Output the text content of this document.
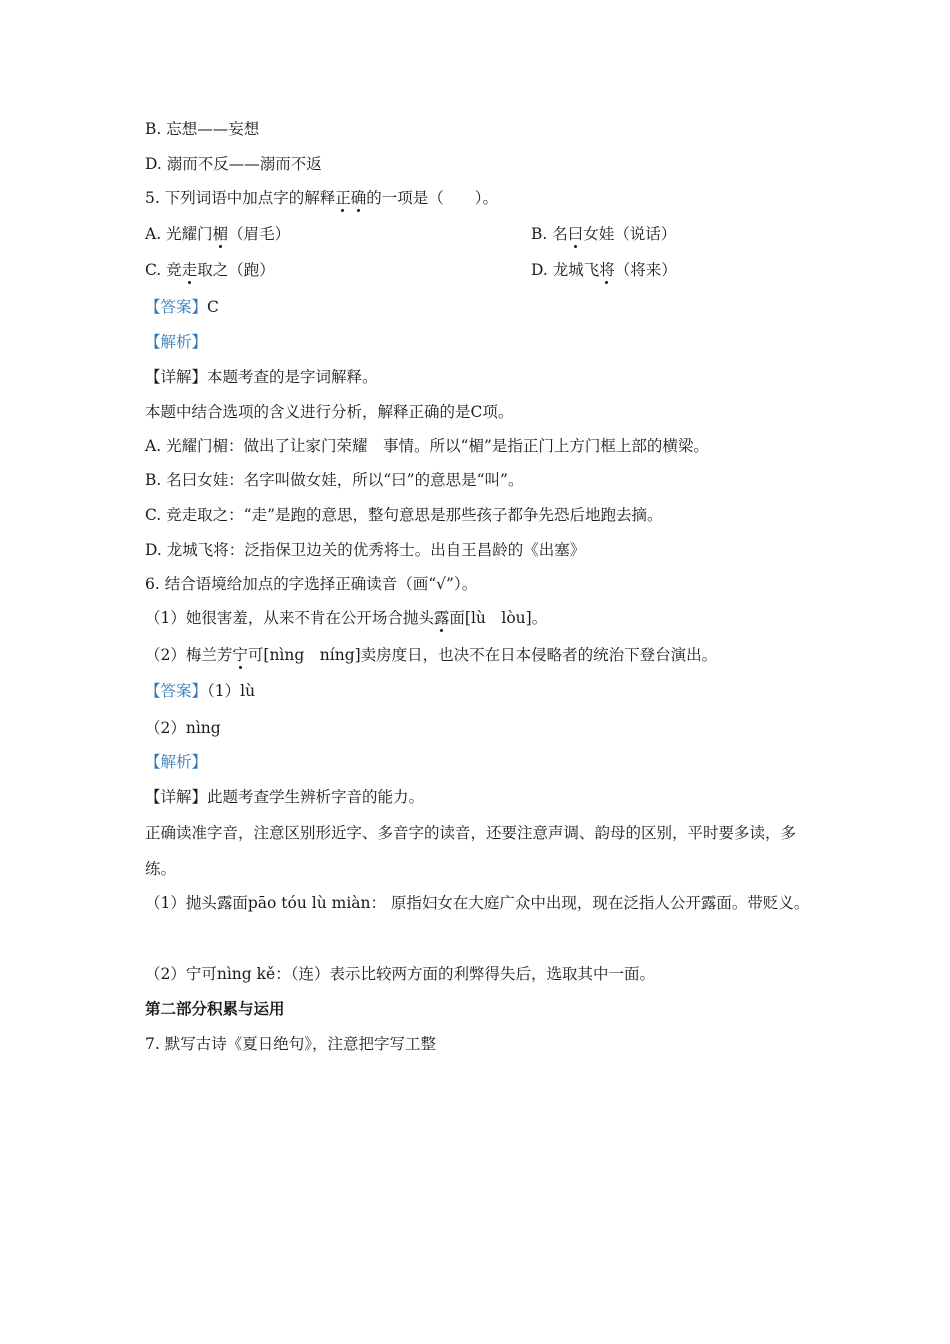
B. 忘想——妄想
D. 溺而不反——溺而不返
5. 下列词语中加点字的解释正确的一项是（　　）。
A. 光耀门楣（眉毛）	B. 名曰女娃（说话）
C. 竞走取之（跑）	D. 龙城飞将（将来）
【答案】C
【解析】
【详解】本题考查的是字词解释。
本题中结合选项的含义进行分析，解释正确的是C项。
A. 光耀门楣：做出了让家门荣耀　事情。所以“楣”是指正门上方门框上部的横梁。
B. 名曰女娃：名字叫做女娃，所以“曰”的意思是“叫”。
C. 竞走取之：“走”是跑的意思，整句意思是那些孩子都争先恐后地跑去摘。
D. 龙城飞将：泛指保卫边关的优秀将士。出自王昌龄的《出塞》
6. 结合语境给加点的字选择正确读音（画“√”）。
（1）她很害羞，从来不肯在公开场合抛头露面[lù　lòu]。
（2）梅兰芳宁可[nìng　níng]卖房度日，也决不在日本侵略者的统治下登台演出。
【答案】（1）lù
（2）nìng
【解析】
【详解】此题考查学生辨析字音的能力。
正确读准字音，注意区别形近字、多音字的读音，还要注意声调、韵母的区别，平时要多读，多练。
（1）抛头露面pāo tóu lù miàn： 原指妇女在大庭广众中出现，现在泛指人公开露面。带贬义。
（2）宁可nìng kě：（连）表示比较两方面的利弊得失后，选取其中一面。
第二部分积累与运用
7. 默写古诗《夏日绝句》，注意把字写工整
